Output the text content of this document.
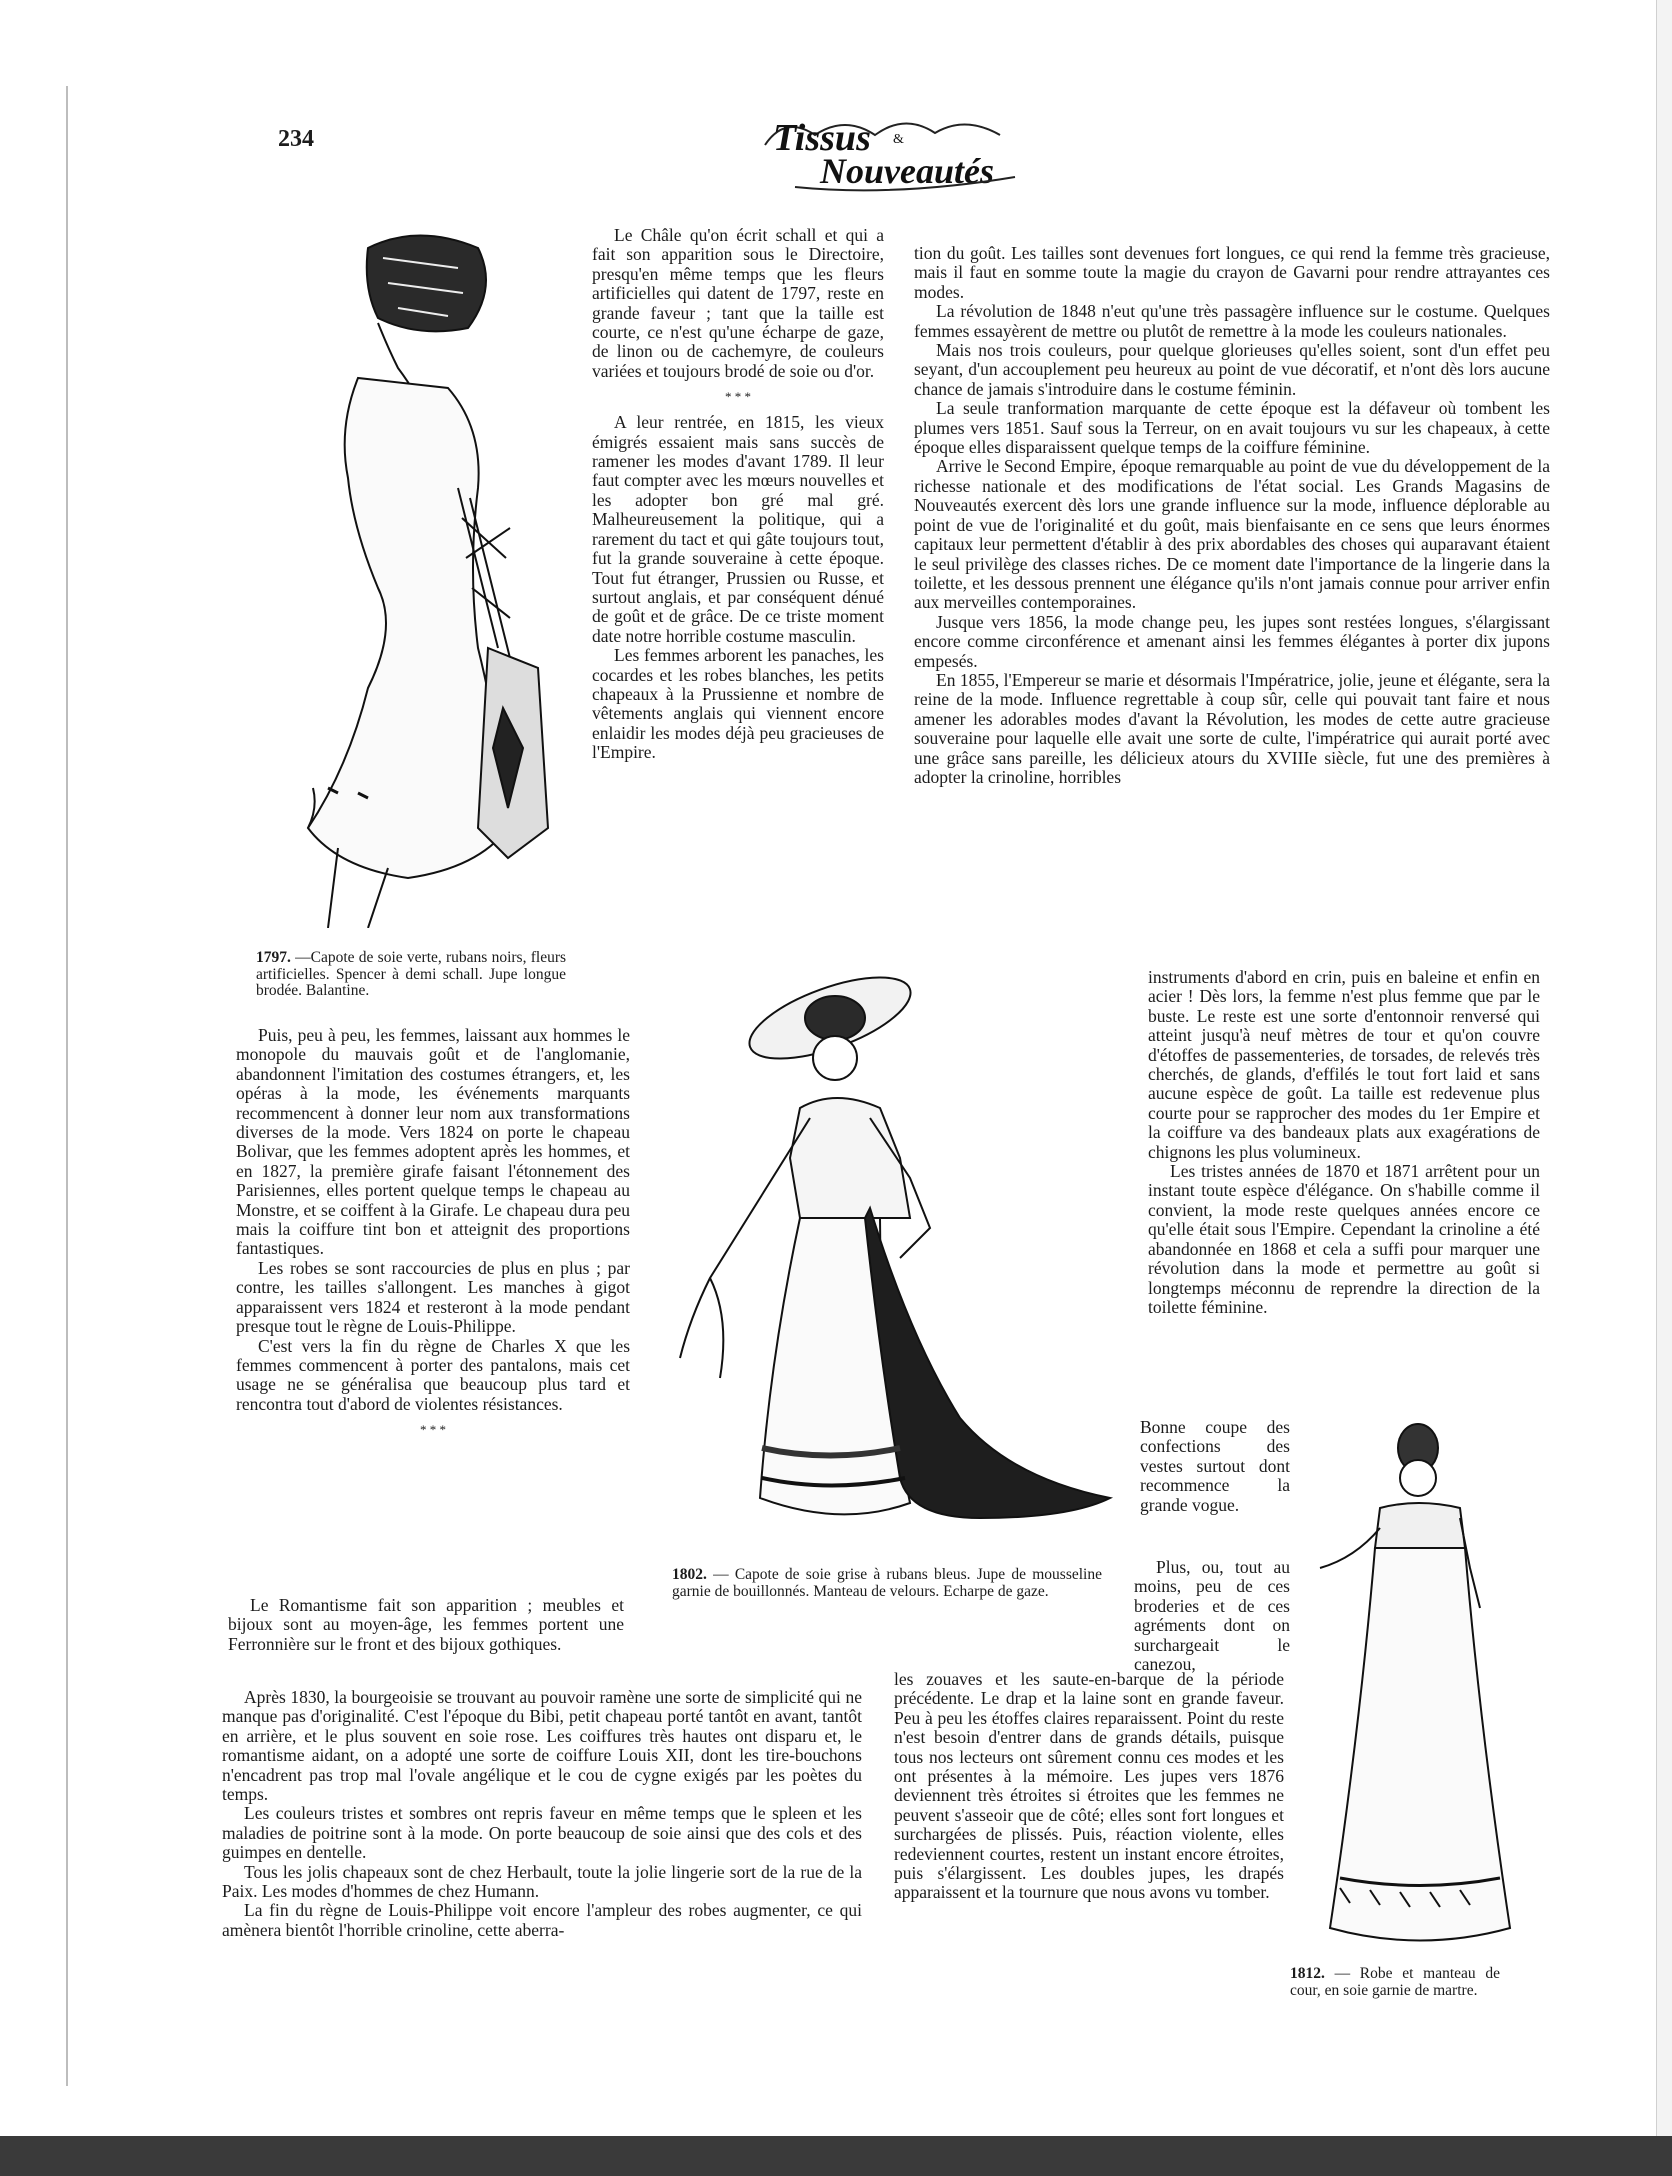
234	Tissus &
Nouveautés
1797. —Capote de soie verte, rubans noirs, fleurs artificielles. Spencer à demi schall. Jupe longue brodée. Balantine.

Le Châle qu'on écrit schall et qui a fait son apparition sous le Directoire, presqu'en même temps que les fleurs artificielles qui datent de 1797, reste en grande faveur ; tant que la taille est courte, ce n'est qu'une écharpe de gaze, de linon ou de cachemyre, de couleurs variées et toujours brodé de soie ou d'or.

* * *

A leur rentrée, en 1815, les vieux émigrés essaient mais sans succès de ramener les modes d'avant 1789. Il leur faut compter avec les mœurs nouvelles et les adopter bon gré mal gré. Malheureusement la politique, qui a rarement du tact et qui gâte toujours tout, fut la grande souveraine à cette époque. Tout fut étranger, Prussien ou Russe, et surtout anglais, et par conséquent dénué de goût et de grâce. De ce triste moment date notre horrible costume masculin.

Les femmes arborent les panaches, les cocardes et les robes blanches, les petits chapeaux à la Prussienne et nombre de vêtements anglais qui viennent encore enlaidir les modes déjà peu gracieuses de l'Empire.

tion du goût. Les tailles sont devenues fort longues, ce qui rend la femme très gracieuse, mais il faut en somme toute la magie du crayon de Gavarni pour rendre attrayantes ces modes.

La révolution de 1848 n'eut qu'une très passagère influence sur le costume. Quelques femmes essayèrent de mettre ou plutôt de remettre à la mode les couleurs nationales.

Mais nos trois couleurs, pour quelque glorieuses qu'elles soient, sont d'un effet peu seyant, d'un accouplement peu heureux au point de vue décoratif, et n'ont dès lors aucune chance de jamais s'introduire dans le costume féminin.

La seule tranformation marquante de cette époque est la défaveur où tombent les plumes vers 1851. Sauf sous la Terreur, on en avait toujours vu sur les chapeaux, à cette époque elles disparaissent quelque temps de la coiffure féminine.

Arrive le Second Empire, époque remarquable au point de vue du développement de la richesse nationale et des modifications de l'état social. Les Grands Magasins de Nouveautés exercent dès lors une grande influence sur la mode, influence déplorable au point de vue de l'originalité et du goût, mais bienfaisante en ce sens que leurs énormes capitaux leur permettent d'établir à des prix abordables des choses qui auparavant étaient le seul privilège des classes riches. De ce moment date l'importance de la lingerie dans la toilette, et les dessous prennent une élégance qu'ils n'ont jamais connue pour arriver enfin aux merveilles contemporaines.

Jusque vers 1856, la mode change peu, les jupes sont restées longues, s'élargissant encore comme circonférence et amenant ainsi les femmes élégantes à porter dix jupons empesés.

En 1855, l'Empereur se marie et désormais l'Impératrice, jolie, jeune et élégante, sera la reine de la mode. Influence regrettable à coup sûr, celle qui pouvait tant faire et nous amener les adorables modes d'avant la Révolution, les modes de cette autre gracieuse souveraine pour laquelle elle avait une sorte de culte, l'impératrice qui aurait porté avec une grâce sans pareille, les délicieux atours du XVIIIe siècle, fut une des premières à adopter la crinoline, horribles

instruments d'abord en crin, puis en baleine et enfin en acier ! Dès lors, la femme n'est plus femme que par le buste. Le reste est une sorte d'entonnoir renversé qui atteint jusqu'à neuf mètres de tour et qu'on couvre d'étoffes de passementeries, de torsades, de relevés très cherchés, de glands, d'effilés le tout fort laid et sans aucune espèce de goût. La taille est redevenue plus courte pour se rapprocher des modes du 1er Empire et la coiffure va des bandeaux plats aux exagérations de chignons les plus volumineux.

Les tristes années de 1870 et 1871 arrêtent pour un instant toute espèce d'élégance. On s'habille comme il convient, la mode reste quelques années encore ce qu'elle était sous l'Empire. Cependant la crinoline a été abandonnée en 1868 et cela a suffi pour marquer une révolution dans la mode et permettre au goût si longtemps méconnu de reprendre la direction de la toilette féminine.

Bonne coupe des confections des vestes surtout dont recommence la grande vogue.

Plus, ou, tout au moins, peu de ces broderies et de ces agréments dont on surchargeait le canezou,

1802. — Capote de soie grise à rubans bleus. Jupe de mousseline garnie de bouillonnés. Manteau de velours. Echarpe de gaze.
1812. — Robe et manteau de cour, en soie garnie de martre.

les zouaves et les saute-en-barque de la période précédente. Le drap et la laine sont en grande faveur. Peu à peu les étoffes claires reparaissent. Point du reste n'est besoin d'entrer dans de grands détails, puisque tous nos lecteurs ont sûrement connu ces modes et les ont présentes à la mémoire. Les jupes vers 1876 deviennent très étroites si étroites que les femmes ne peuvent s'asseoir que de côté; elles sont fort longues et surchargées de plissés. Puis, réaction violente, elles redeviennent courtes, restent un instant encore étroites, puis s'élargissent. Les doubles jupes, les drapés apparaissent et la tournure que nous avons vu tomber.

Puis, peu à peu, les femmes, laissant aux hommes le monopole du mauvais goût et de l'anglomanie, abandonnent l'imitation des costumes étrangers, et, les opéras à la mode, les événements marquants recommencent à donner leur nom aux transformations diverses de la mode. Vers 1824 on porte le chapeau Bolivar, que les femmes adoptent après les hommes, et en 1827, la première girafe faisant l'étonnement des Parisiennes, elles portent quelque temps le chapeau au Monstre, et se coiffent à la Girafe. Le chapeau dura peu mais la coiffure tint bon et atteignit des proportions fantastiques.

Les robes se sont raccourcies de plus en plus ; par contre, les tailles s'allongent. Les manches à gigot apparaissent vers 1824 et resteront à la mode pendant presque tout le règne de Louis-Philippe.

C'est vers la fin du règne de Charles X que les femmes commencent à porter des pantalons, mais cet usage ne se généralisa que beaucoup plus tard et rencontra tout d'abord de violentes résistances.

* * *

Le Romantisme fait son apparition ; meubles et bijoux sont au moyen-âge, les femmes portent une Ferronnière sur le front et des bijoux gothiques.

Après 1830, la bourgeoisie se trouvant au pouvoir ramène une sorte de simplicité qui ne manque pas d'originalité. C'est l'époque du Bibi, petit chapeau porté tantôt en avant, tantôt en arrière, et le plus souvent en soie rose. Les coiffures très hautes ont disparu et, le romantisme aidant, on a adopté une sorte de coiffure Louis XII, dont les tire-bouchons n'encadrent pas trop mal l'ovale angélique et le cou de cygne exigés par les poètes du temps.

Les couleurs tristes et sombres ont repris faveur en même temps que le spleen et les maladies de poitrine sont à la mode. On porte beaucoup de soie ainsi que des cols et des guimpes en dentelle.

Tous les jolis chapeaux sont de chez Herbault, toute la jolie lingerie sort de la rue de la Paix. Les modes d'hommes de chez Humann.

La fin du règne de Louis-Philippe voit encore l'ampleur des robes augmenter, ce qui amènera bientôt l'horrible crinoline, cette aberra-
